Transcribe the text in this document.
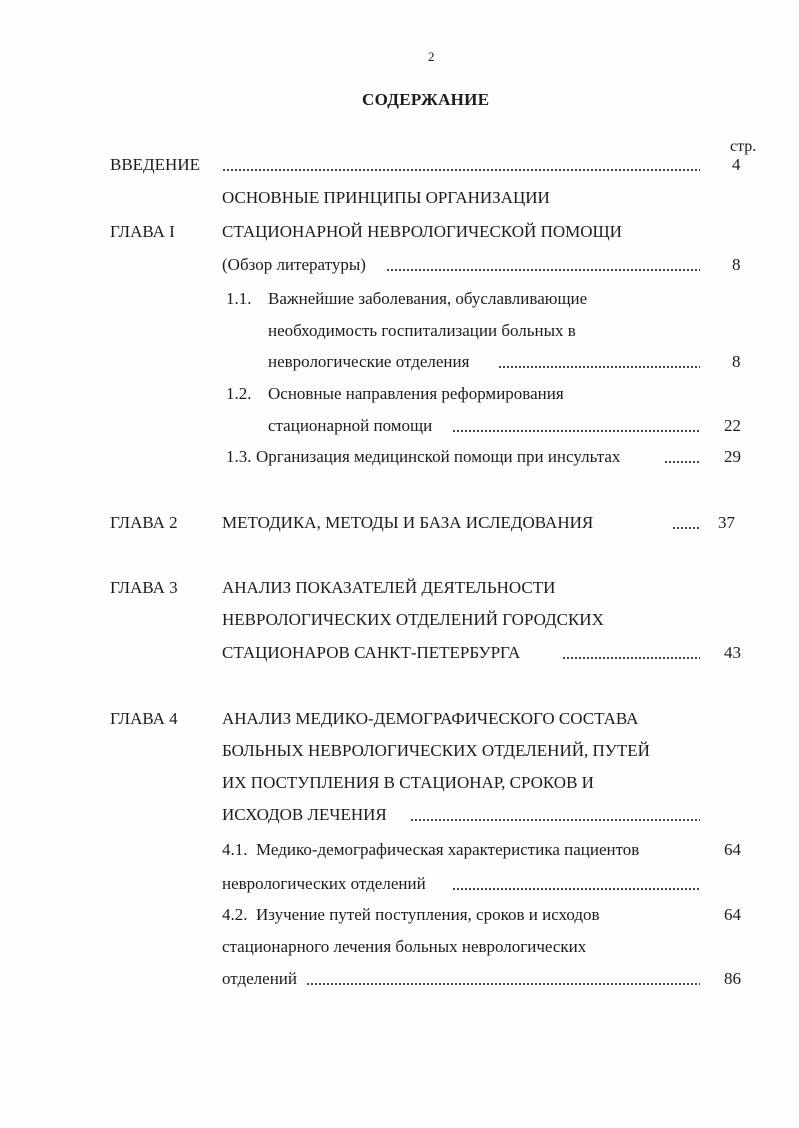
2
СОДЕРЖАНИЕ
стр.
ВВЕДЕНИЕ	4
ОСНОВНЫЕ ПРИНЦИПЫ ОРГАНИЗАЦИИ
ГЛАВА I	СТАЦИОНАРНОЙ НЕВРОЛОГИЧЕСКОЙ ПОМОЩИ
(Обзор литературы)	8
1.1. Важнейшие заболевания, обуславливающие
необходимость госпитализации больных в
неврологические отделения	8
1.2. Основные направления реформирования
стационарной помощи	22
1.3. Организация медицинской помощи при инсультах	29
ГЛАВА 2	МЕТОДИКА, МЕТОДЫ И БАЗА ИСЛЕДОВАНИЯ	37
ГЛАВА 3	АНАЛИЗ ПОКАЗАТЕЛЕЙ ДЕЯТЕЛЬНОСТИ
НЕВРОЛОГИЧЕСКИХ ОТДЕЛЕНИЙ ГОРОДСКИХ
СТАЦИОНАРОВ САНКТ-ПЕТЕРБУРГА	43
ГЛАВА 4	АНАЛИЗ МЕДИКО-ДЕМОГРАФИЧЕСКОГО СОСТАВА
БОЛЬНЫХ НЕВРОЛОГИЧЕСКИХ ОТДЕЛЕНИЙ, ПУТЕЙ
ИХ ПОСТУПЛЕНИЯ В СТАЦИОНАР, СРОКОВ И
ИСХОДОВ ЛЕЧЕНИЯ
4.1. Медико-демографическая характеристика пациентов	64
неврологических отделений
4.2. Изучение путей поступления, сроков и исходов	64
стационарного лечения больных неврологических
отделений	86
